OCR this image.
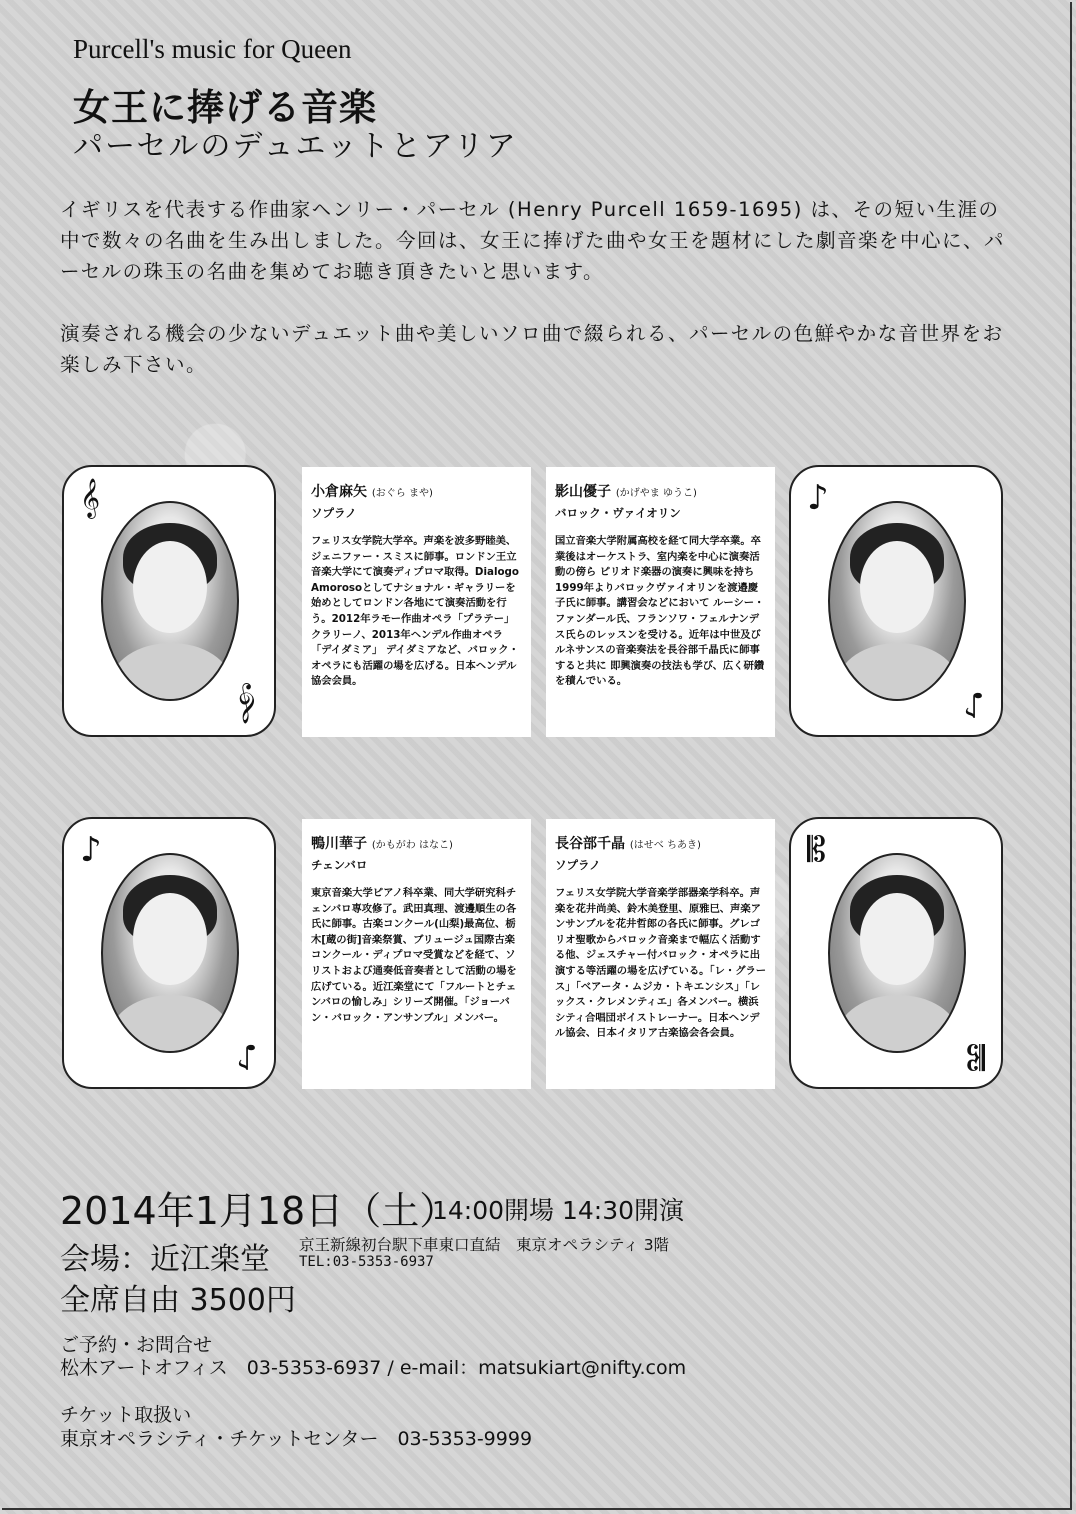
Purcell's music for Queen
女王に捧げる音楽
パーセルのデュエットとアリア

イギリスを代表する作曲家ヘンリー・パーセル (Henry Purcell 1659-1695) は、その短い生涯の中で数々の名曲を生み出しました。今回は、女王に捧げた曲や女王を題材にした劇音楽を中心に、パーセルの珠玉の名曲を集めてお聴き頂きたいと思います。

演奏される機会の少ないデュエット曲や美しいソロ曲で綴られる、パーセルの色鮮やかな音世界をお楽しみ下さい。

𝄞
𝄞
小倉麻矢 (おぐら まや)
ソプラノ
フェリス女学院大学卒。声楽を波多野睦美、ジェニファー・スミスに師事。ロンドン王立音楽大学にて演奏ディプロマ取得。Dialogo Amorosoとしてナショナル・ギャラリーを始めとしてロンドン各地にて演奏活動を行う。2012年ラモー作曲オペラ「プラテー」 クラリーノ、2013年ヘンデル作曲オペラ「デイダミア」 デイダミアなど、バロック・オペラにも活躍の場を広げる。日本ヘンデル協会会員。
影山優子 (かげやま ゆうこ)
バロック・ヴァイオリン
国立音楽大学附属高校を経て同大学卒業。卒業後はオーケストラ、室内楽を中心に演奏活動の傍ら ピリオド楽器の演奏に興味を持ち 1999年よりバロックヴァイオリンを渡邉慶子氏に師事。講習会などにおいて ルーシー・ファンダール氏、フランソワ・フェルナンデス氏らのレッスンを受ける。近年は中世及びルネサンスの音楽奏法を長谷部千晶氏に師事すると共に 即興演奏の技法も学び、広く研鑽を積んでいる。
♪
♪
♪
♪
鴨川華子 (かもがわ はなこ)
チェンバロ
東京音楽大学ピアノ科卒業、同大学研究科チェンバロ専攻修了。武田真理、渡邊順生の各氏に師事。古楽コンクール(山梨)最高位、栃木[蔵の街]音楽祭賞、ブリュージュ国際古楽コンクール・ディプロマ受賞などを経て、ソリストおよび通奏低音奏者として活動の場を広げている。近江楽堂にて「フルートとチェンバロの愉しみ」シリーズ開催。「ジョーバン・バロック・アンサンブル」メンバー。
長谷部千晶 (はせべ ちあき)
ソプラノ
フェリス女学院大学音楽学部器楽学科卒。声楽を花井尚美、鈴木美登里、原雅巳、声楽アンサンブルを花井哲郎の各氏に師事。グレゴリオ聖歌からバロック音楽まで幅広く活動する他、ジェスチャー付バロック・オペラに出演する等活躍の場を広げている。「レ・グラース」「ベアータ・ムジカ・トキエンシス」「レックス・クレメンティエ」各メンバー。横浜シティ合唱団ボイストレーナー。日本ヘンデル協会、日本イタリア古楽協会各会員。
𝄡
𝄡
2014年1月18日（土）
14:00開場 14:30開演
会場：近江楽堂 京王新線初台駅下車東口直結　東京オペラシティ 3階
TEL:03-5353-6937
全席自由 3500円
ご予約・お問合せ
松木アートオフィス　03-5353-6937 / e-mail：matsukiart@nifty.com
チケット取扱い
東京オペラシティ・チケットセンター　03-5353-9999
